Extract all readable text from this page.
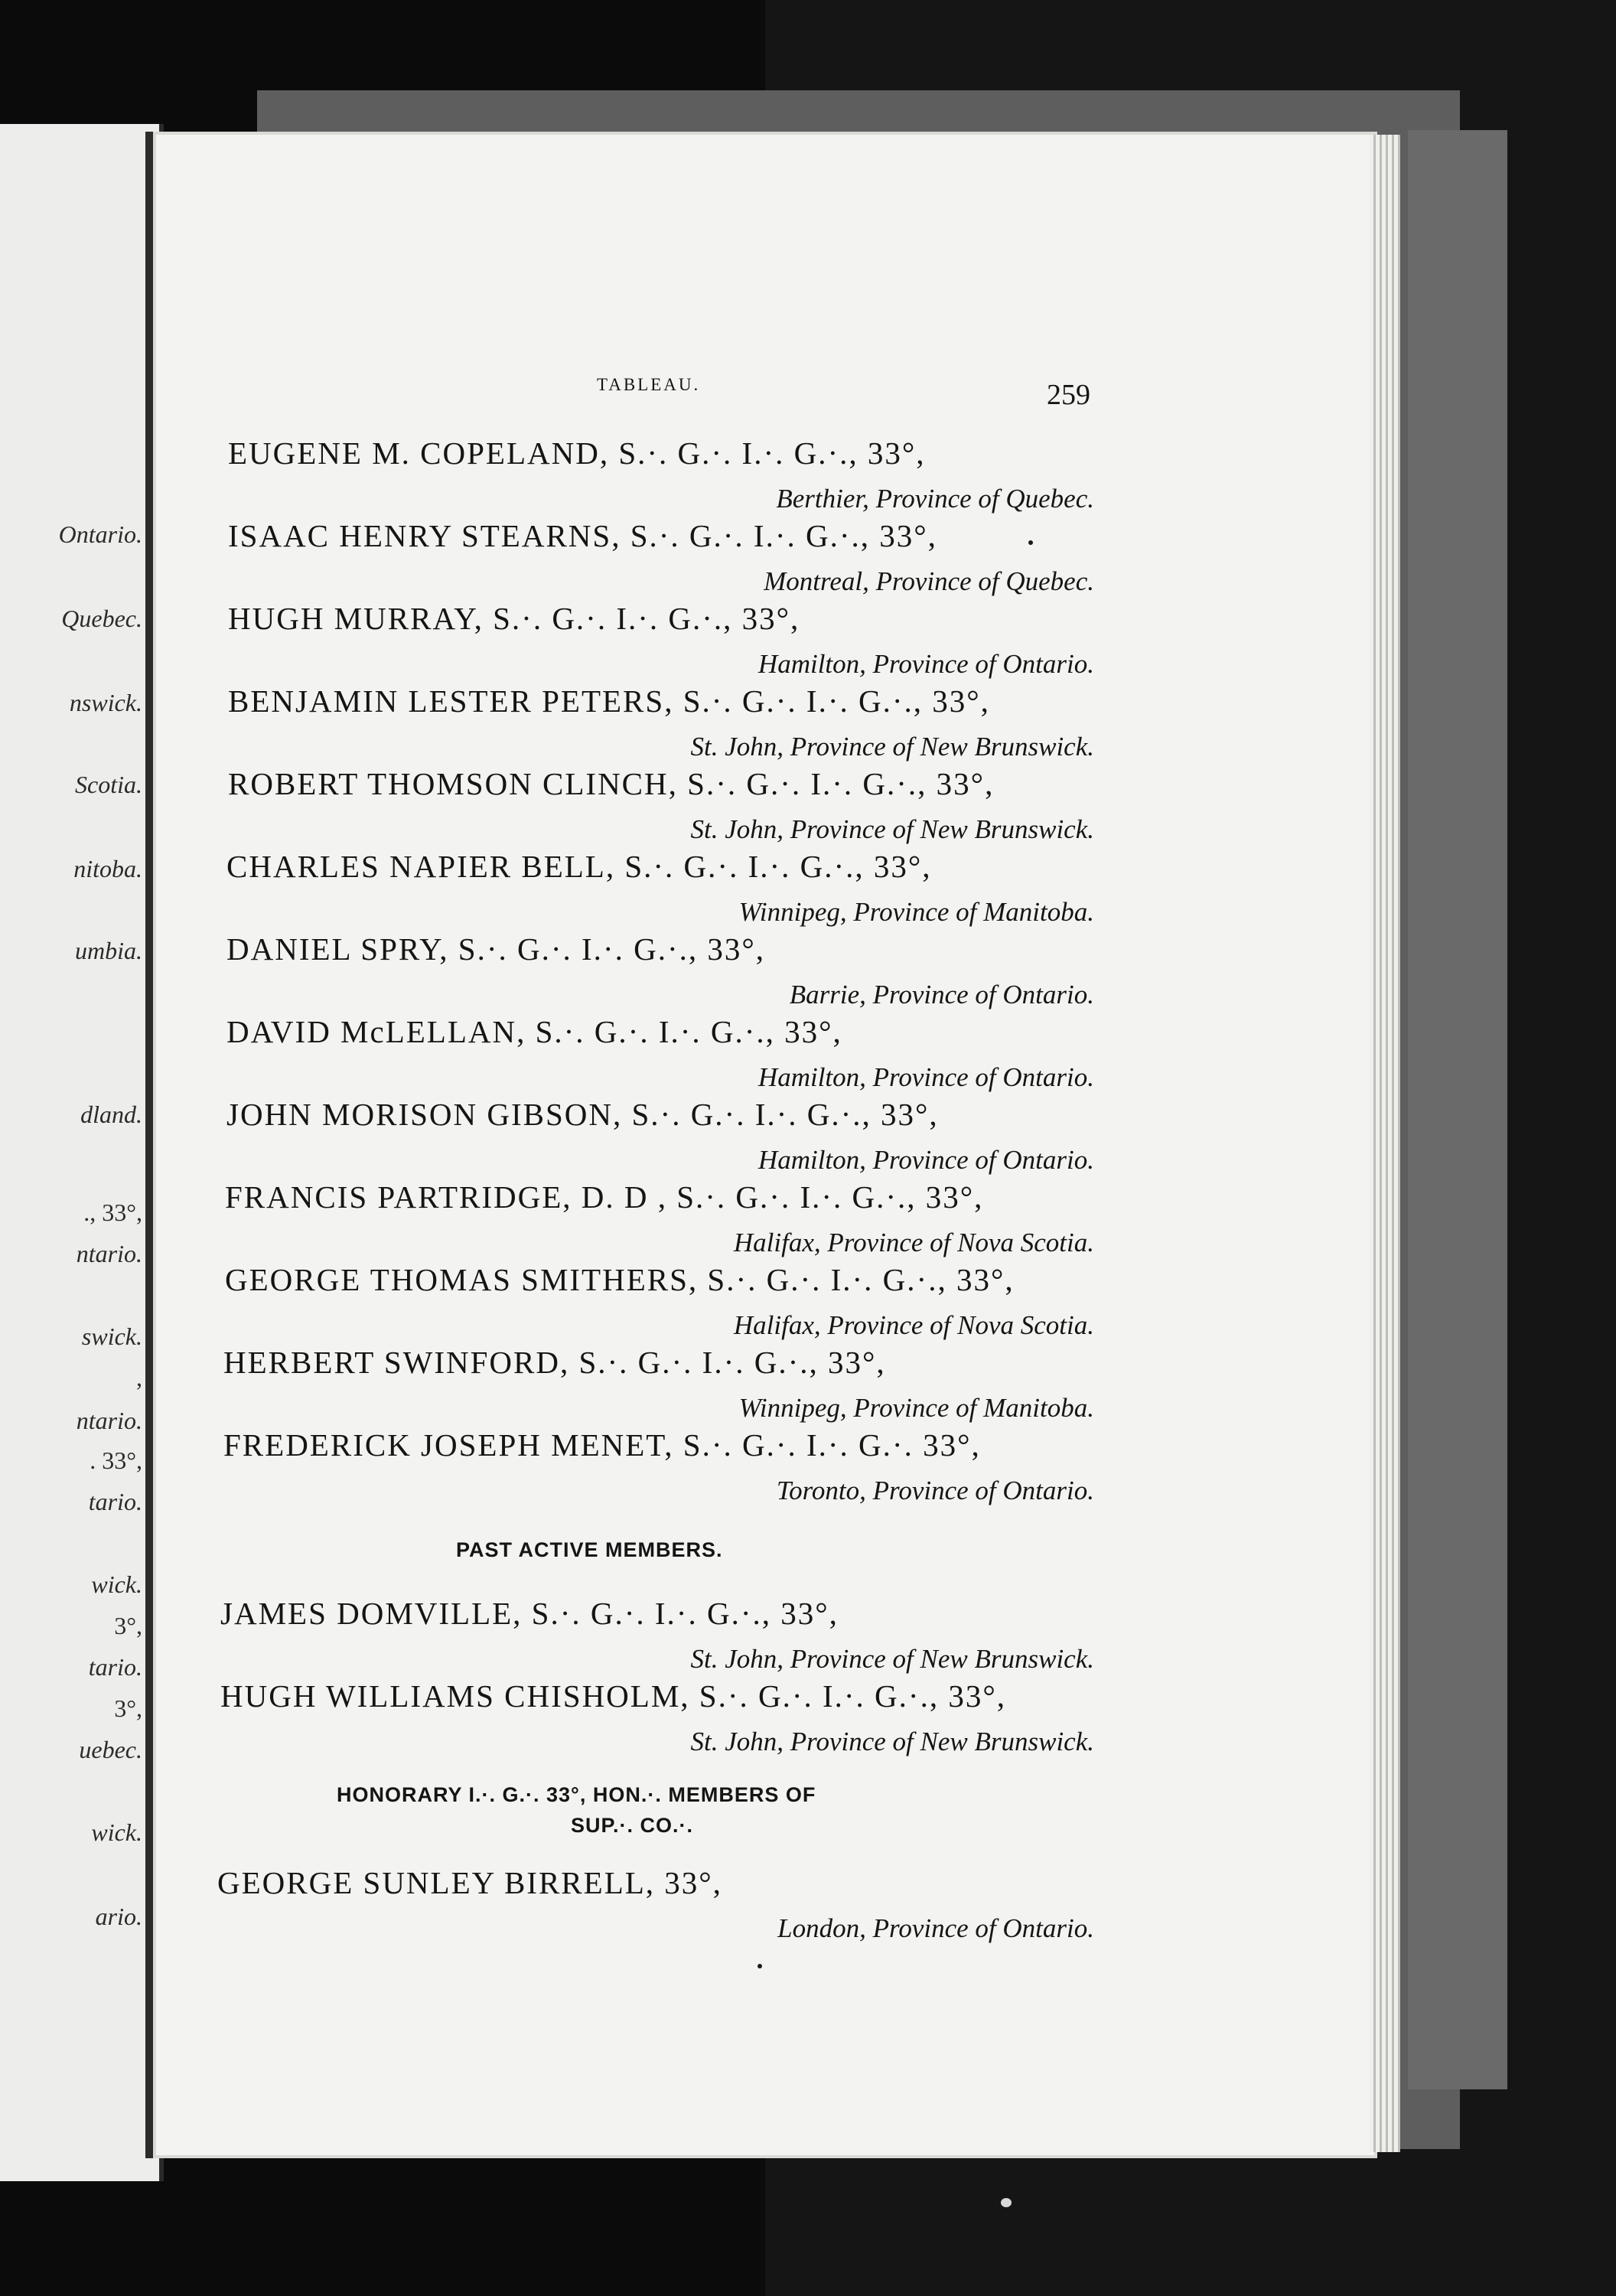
Ontario.
Quebec.
nswick.
Scotia.
nitoba.
umbia.
dland.
., 33°,
ntario.
swick.
,
ntario.
. 33°,
tario.
wick.
3°,
tario.
3°,
uebec.
wick.
ario.
TABLEAU.	259
EUGENE M. COPELAND, S.·. G.·. I.·. G.·., 33°,
Berthier, Province of Quebec.
ISAAC HENRY STEARNS, S.·. G.·. I.·. G.·., 33°,
Montreal, Province of Quebec.
HUGH MURRAY, S.·. G.·. I.·. G.·., 33°,
Hamilton, Province of Ontario.
BENJAMIN LESTER PETERS, S.·. G.·. I.·. G.·., 33°,
St. John, Province of New Brunswick.
ROBERT THOMSON CLINCH, S.·. G.·. I.·. G.·., 33°,
St. John, Province of New Brunswick.
CHARLES NAPIER BELL, S.·. G.·. I.·. G.·., 33°,
Winnipeg, Province of Manitoba.
DANIEL SPRY, S.·. G.·. I.·. G.·., 33°,
Barrie, Province of Ontario.
DAVID McLELLAN, S.·. G.·. I.·. G.·., 33°,
Hamilton, Province of Ontario.
JOHN MORISON GIBSON, S.·. G.·. I.·. G.·., 33°,
Hamilton, Province of Ontario.
FRANCIS PARTRIDGE, D. D , S.·. G.·. I.·. G.·., 33°,
Halifax, Province of Nova Scotia.
GEORGE THOMAS SMITHERS, S.·. G.·. I.·. G.·., 33°,
Halifax, Province of Nova Scotia.
HERBERT SWINFORD, S.·. G.·. I.·. G.·., 33°,
Winnipeg, Province of Manitoba.
FREDERICK JOSEPH MENET, S.·. G.·. I.·. G.·. 33°,
Toronto, Province of Ontario.
PAST ACTIVE MEMBERS.
JAMES DOMVILLE, S.·. G.·. I.·. G.·., 33°,
St. John, Province of New Brunswick.
HUGH WILLIAMS CHISHOLM, S.·. G.·. I.·. G.·., 33°,
St. John, Province of New Brunswick.
HONORARY I.·. G.·. 33°, HON.·. MEMBERS OF
SUP.·. CO.·.
GEORGE SUNLEY BIRRELL, 33°,
London, Province of Ontario.
